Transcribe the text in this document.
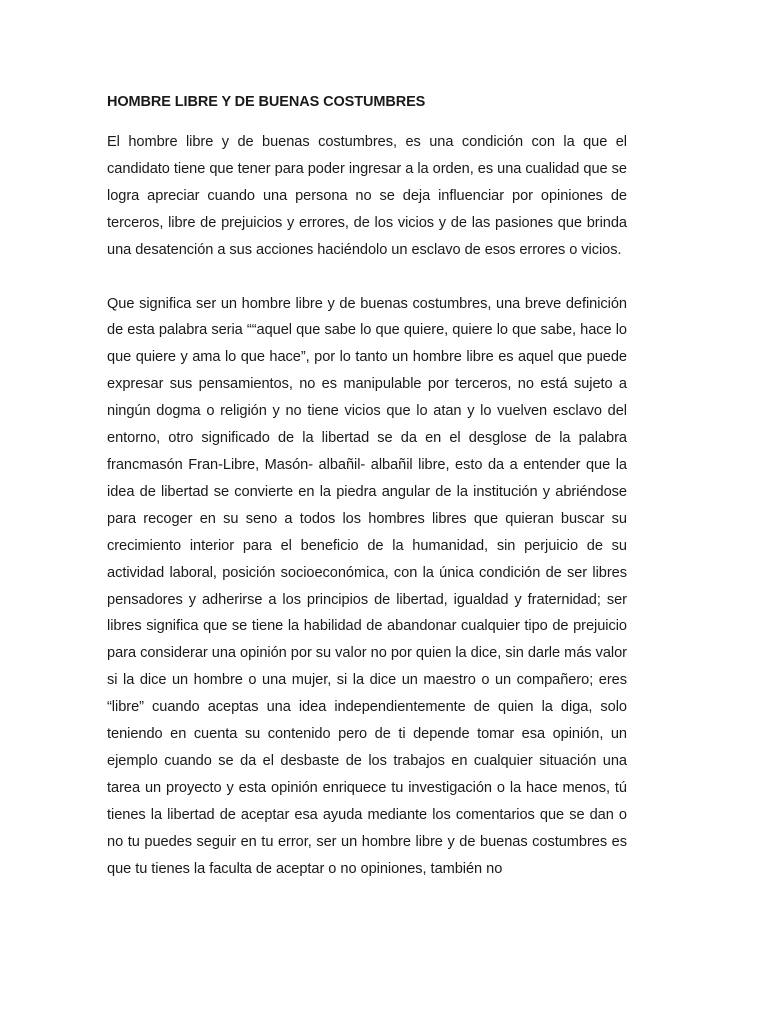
HOMBRE LIBRE Y DE BUENAS COSTUMBRES

El hombre libre y de buenas costumbres, es una condición con la que el candidato tiene que tener para poder ingresar a la orden, es una cualidad que se logra apreciar cuando una persona no se deja influenciar por opiniones de terceros, libre de prejuicios y errores, de los vicios y de las pasiones que brinda una desatención a sus acciones haciéndolo un esclavo de esos errores o vicios.

Que significa ser un hombre libre y de buenas costumbres, una breve definición de esta palabra seria ““aquel que sabe lo que quiere, quiere lo que sabe, hace lo que quiere y ama lo que hace”, por lo tanto un hombre libre es aquel que puede expresar sus pensamientos, no es manipulable por terceros, no está sujeto a ningún dogma o religión y no tiene vicios que lo atan y lo vuelven esclavo del entorno, otro significado de la libertad se da en el desglose de la palabra francmasón Fran-Libre, Masón- albañil- albañil libre, esto da a entender que la idea de libertad se convierte en la piedra angular de la institución y abriéndose para recoger en su seno a todos los hombres libres que quieran buscar su crecimiento interior para el beneficio de la humanidad, sin perjuicio de su actividad laboral, posición socioeconómica, con la única condición de ser libres pensadores y adherirse a los principios de libertad, igualdad y fraternidad; ser libres significa que se tiene la habilidad de abandonar cualquier tipo de prejuicio para considerar una opinión por su valor no por quien la dice, sin darle más valor si la dice un hombre o una mujer, si la dice un maestro o un compañero; eres “libre” cuando aceptas una idea independientemente de quien la diga, solo teniendo en cuenta su contenido pero de ti depende tomar esa opinión, un ejemplo cuando se da el desbaste de los trabajos en cualquier situación una tarea un proyecto y esta opinión enriquece tu investigación o la hace menos, tú tienes la libertad de aceptar esa ayuda mediante los comentarios que se dan o no tu puedes seguir en tu error, ser un hombre libre y de buenas costumbres es que tu tienes la faculta de aceptar o no opiniones, también no
